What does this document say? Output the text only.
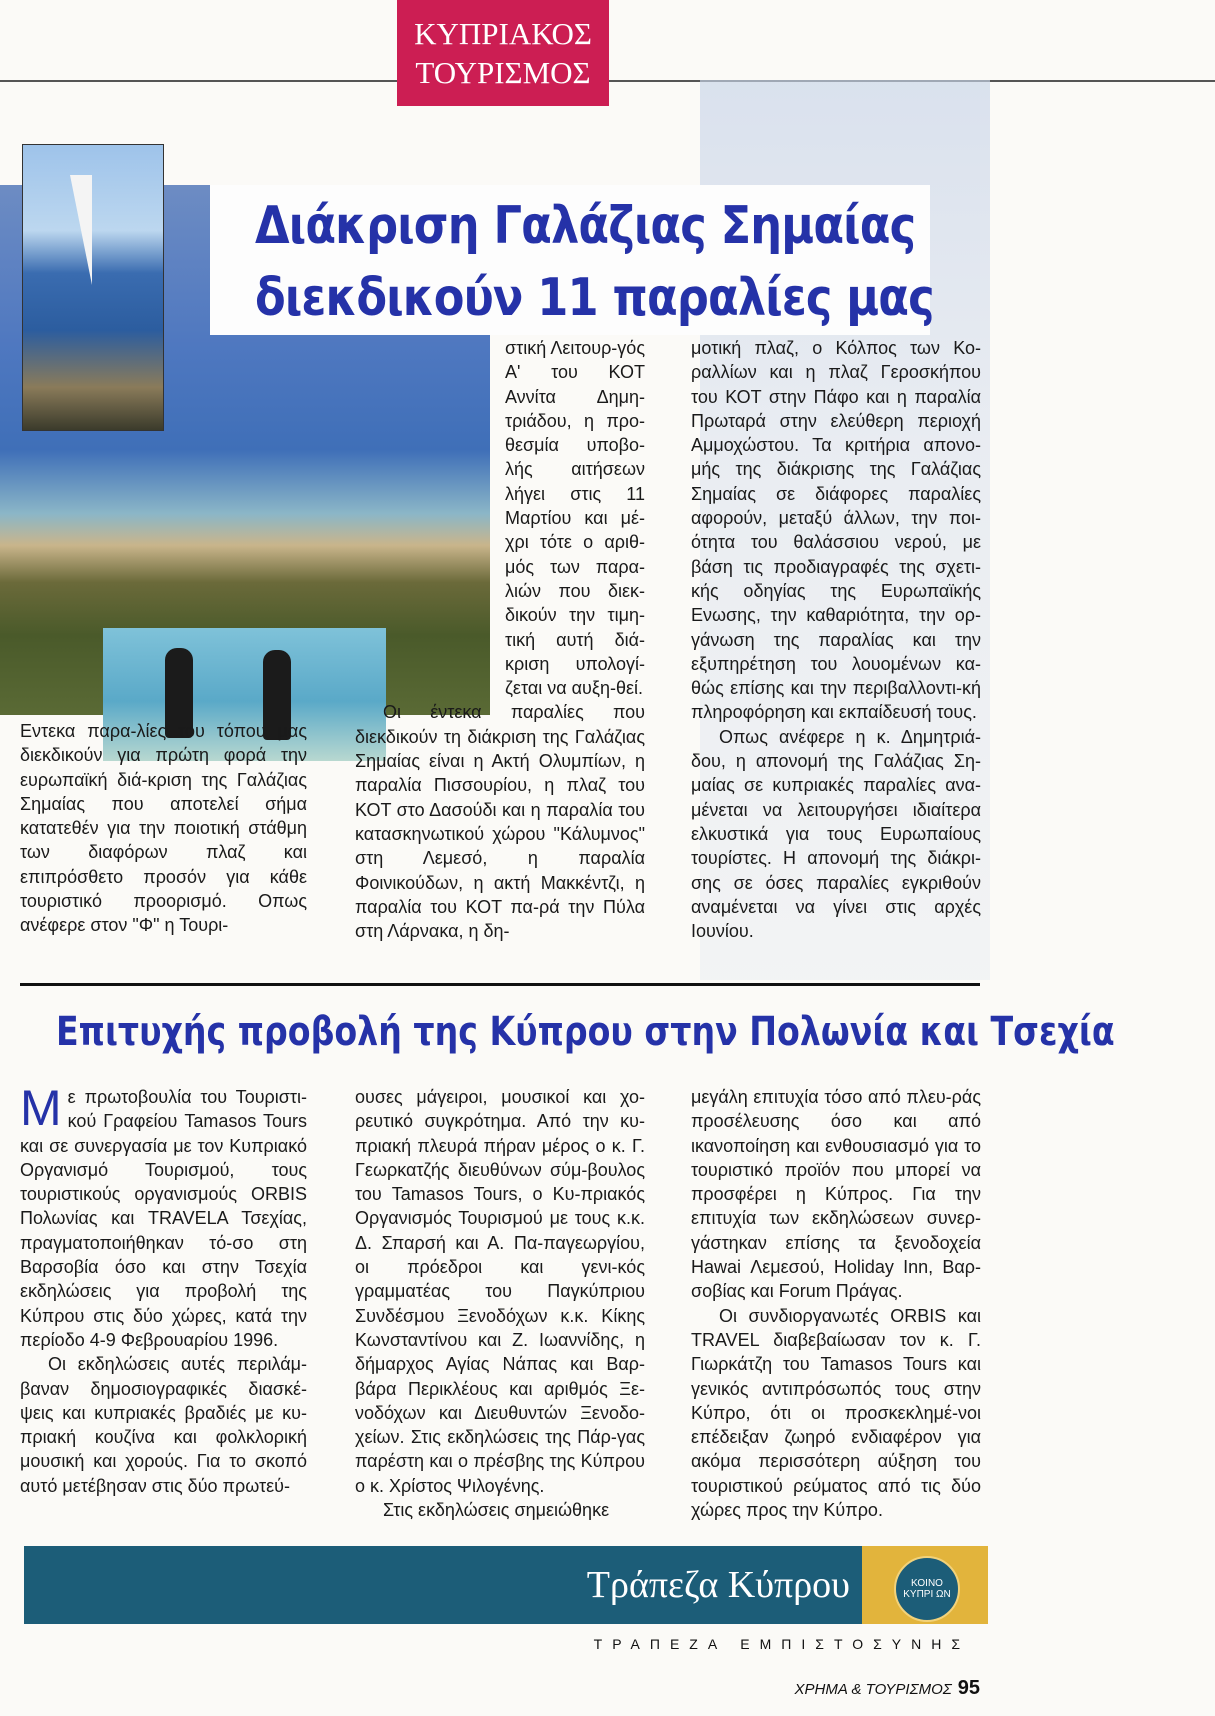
ΚΥΠΡΙΑΚΟΣ
ΤΟΥΡΙΣΜΟΣ
Διάκριση Γαλάζιας Σημαίας
διεκδικούν 11 παραλίες μας

Εντεκα παρα-λίες του τόπου μας διεκδικούν για πρώτη φορά την ευρωπαϊκή διά-κριση της Γαλάζιας Σημαίας που αποτελεί σήμα κατατεθέν για την ποιοτική στάθμη των διαφόρων πλαζ και επιπρόσθετο προσόν για κάθε τουριστικό προορισμό. Οπως ανέφερε στον "Φ" η Τουρι-

στική Λειτουρ-γός Α' του ΚΟΤ Αννίτα Δημη-τριάδου, η προ-θεσμία υποβο-λής αιτήσεων λήγει στις 11 Μαρτίου και μέ-χρι τότε ο αριθ-μός των παρα-λιών που διεκ-δικούν την τιμη-τική αυτή διά-κριση υπολογί-ζεται να αυξη-θεί.

Οι έντεκα παραλίες που διεκδικούν τη διάκριση της Γαλάζιας Σημαίας είναι η Ακτή Ολυμπίων, η παραλία Πισσουρίου, η πλαζ του ΚΟΤ στο Δασούδι και η παραλία του κατασκηνωτικού χώρου "Κάλυμνος" στη Λεμεσό, η παραλία Φοινικούδων, η ακτή Μακκέντζι, η παραλία του ΚΟΤ πα-ρά την Πύλα στη Λάρνακα, η δη-

μοτική πλαζ, ο Κόλπος των Κο-ραλλίων και η πλαζ Γεροσκήπου του ΚΟΤ στην Πάφο και η παραλία Πρωταρά στην ελεύθερη περιοχή Αμμοχώστου. Τα κριτήρια απονο-μής της διάκρισης της Γαλάζιας Σημαίας σε διάφορες παραλίες αφορούν, μεταξύ άλλων, την ποι-ότητα του θαλάσσιου νερού, με βάση τις προδιαγραφές της σχετι-κής οδηγίας της Ευρωπαϊκής Ενωσης, την καθαριότητα, την ορ-γάνωση της παραλίας και την εξυπηρέτηση του λουομένων κα-θώς επίσης και την περιβαλλοντι-κή πληροφόρηση και εκπαίδευσή τους.

Οπως ανέφερε η κ. Δημητριά-δου, η απονομή της Γαλάζιας Ση-μαίας σε κυπριακές παραλίες ανα-μένεται να λειτουργήσει ιδιαίτερα ελκυστικά για τους Ευρωπαίους τουρίστες. Η απονομή της διάκρι-σης σε όσες παραλίες εγκριθούν αναμένεται να γίνει στις αρχές Ιουνίου.

Επιτυχής προβολή της Κύπρου στην Πολωνία και Τσεχία

Με πρωτοβουλία του Τουριστι-κού Γραφείου Tamasos Tours και σε συνεργασία με τον Κυπριακό Οργανισμό Τουρισμού, τους τουριστικούς οργανισμούς ORBIS Πολωνίας και TRAVELA Τσεχίας, πραγματοποιήθηκαν τό-σο στη Βαρσοβία όσο και στην Τσεχία εκδηλώσεις για προβολή της Κύπρου στις δύο χώρες, κατά την περίοδο 4-9 Φεβρουαρίου 1996.

Οι εκδηλώσεις αυτές περιλάμ-βαναν δημοσιογραφικές διασκέ-ψεις και κυπριακές βραδιές με κυ-πριακή κουζίνα και φολκλορική μουσική και χορούς. Για το σκοπό αυτό μετέβησαν στις δύο πρωτεύ-

ουσες μάγειροι, μουσικοί και χο-ρευτικό συγκρότημα. Από την κυ-πριακή πλευρά πήραν μέρος ο κ. Γ. Γεωρκατζής διευθύνων σύμ-βουλος του Tamasos Tours, ο Κυ-πριακός Οργανισμός Τουρισμού με τους κ.κ. Δ. Σπαρσή και Α. Πα-παγεωργίου, οι πρόεδροι και γενι-κός γραμματέας του Παγκύπριου Συνδέσμου Ξενοδόχων κ.κ. Κίκης Κωνσταντίνου και Ζ. Ιωαννίδης, η δήμαρχος Αγίας Νάπας και Βαρ-βάρα Περικλέους και αριθμός Ξε-νοδόχων και Διευθυντών Ξενοδο-χείων. Στις εκδηλώσεις της Πάρ-γας παρέστη και ο πρέσβης της Κύπρου ο κ. Χρίστος Ψιλογένης.

Στις εκδηλώσεις σημειώθηκε

μεγάλη επιτυχία τόσο από πλευ-ράς προσέλευσης όσο και από ικανοποίηση και ενθουσιασμό για το τουριστικό προϊόν που μπορεί να προσφέρει η Κύπρος. Για την επιτυχία των εκδηλώσεων συνερ-γάστηκαν επίσης τα ξενοδοχεία Hawai Λεμεσού, Holiday Inn, Βαρ-σοβίας και Forum Πράγας.

Οι συνδιοργανωτές ORBIS και TRAVEL διαβεβαίωσαν τον κ. Γ. Γιωρκάτζη του Tamasos Tours και γενικός αντιπρόσωπός τους στην Κύπρο, ότι οι προσκεκλημέ-νοι επέδειξαν ζωηρό ενδιαφέρον για ακόμα περισσότερη αύξηση του τουριστικού ρεύματος από τις δύο χώρες προς την Κύπρο.

Τράπεζα Κύπρου	ΚΟΙΝΟ ΚΥΠΡΙ ΩΝ
ΤΡΑΠΕΖΑ ΕΜΠΙΣΤΟΣΥΝΗΣ
ΧΡΗΜΑ & ΤΟΥΡΙΣΜΟΣ 95
